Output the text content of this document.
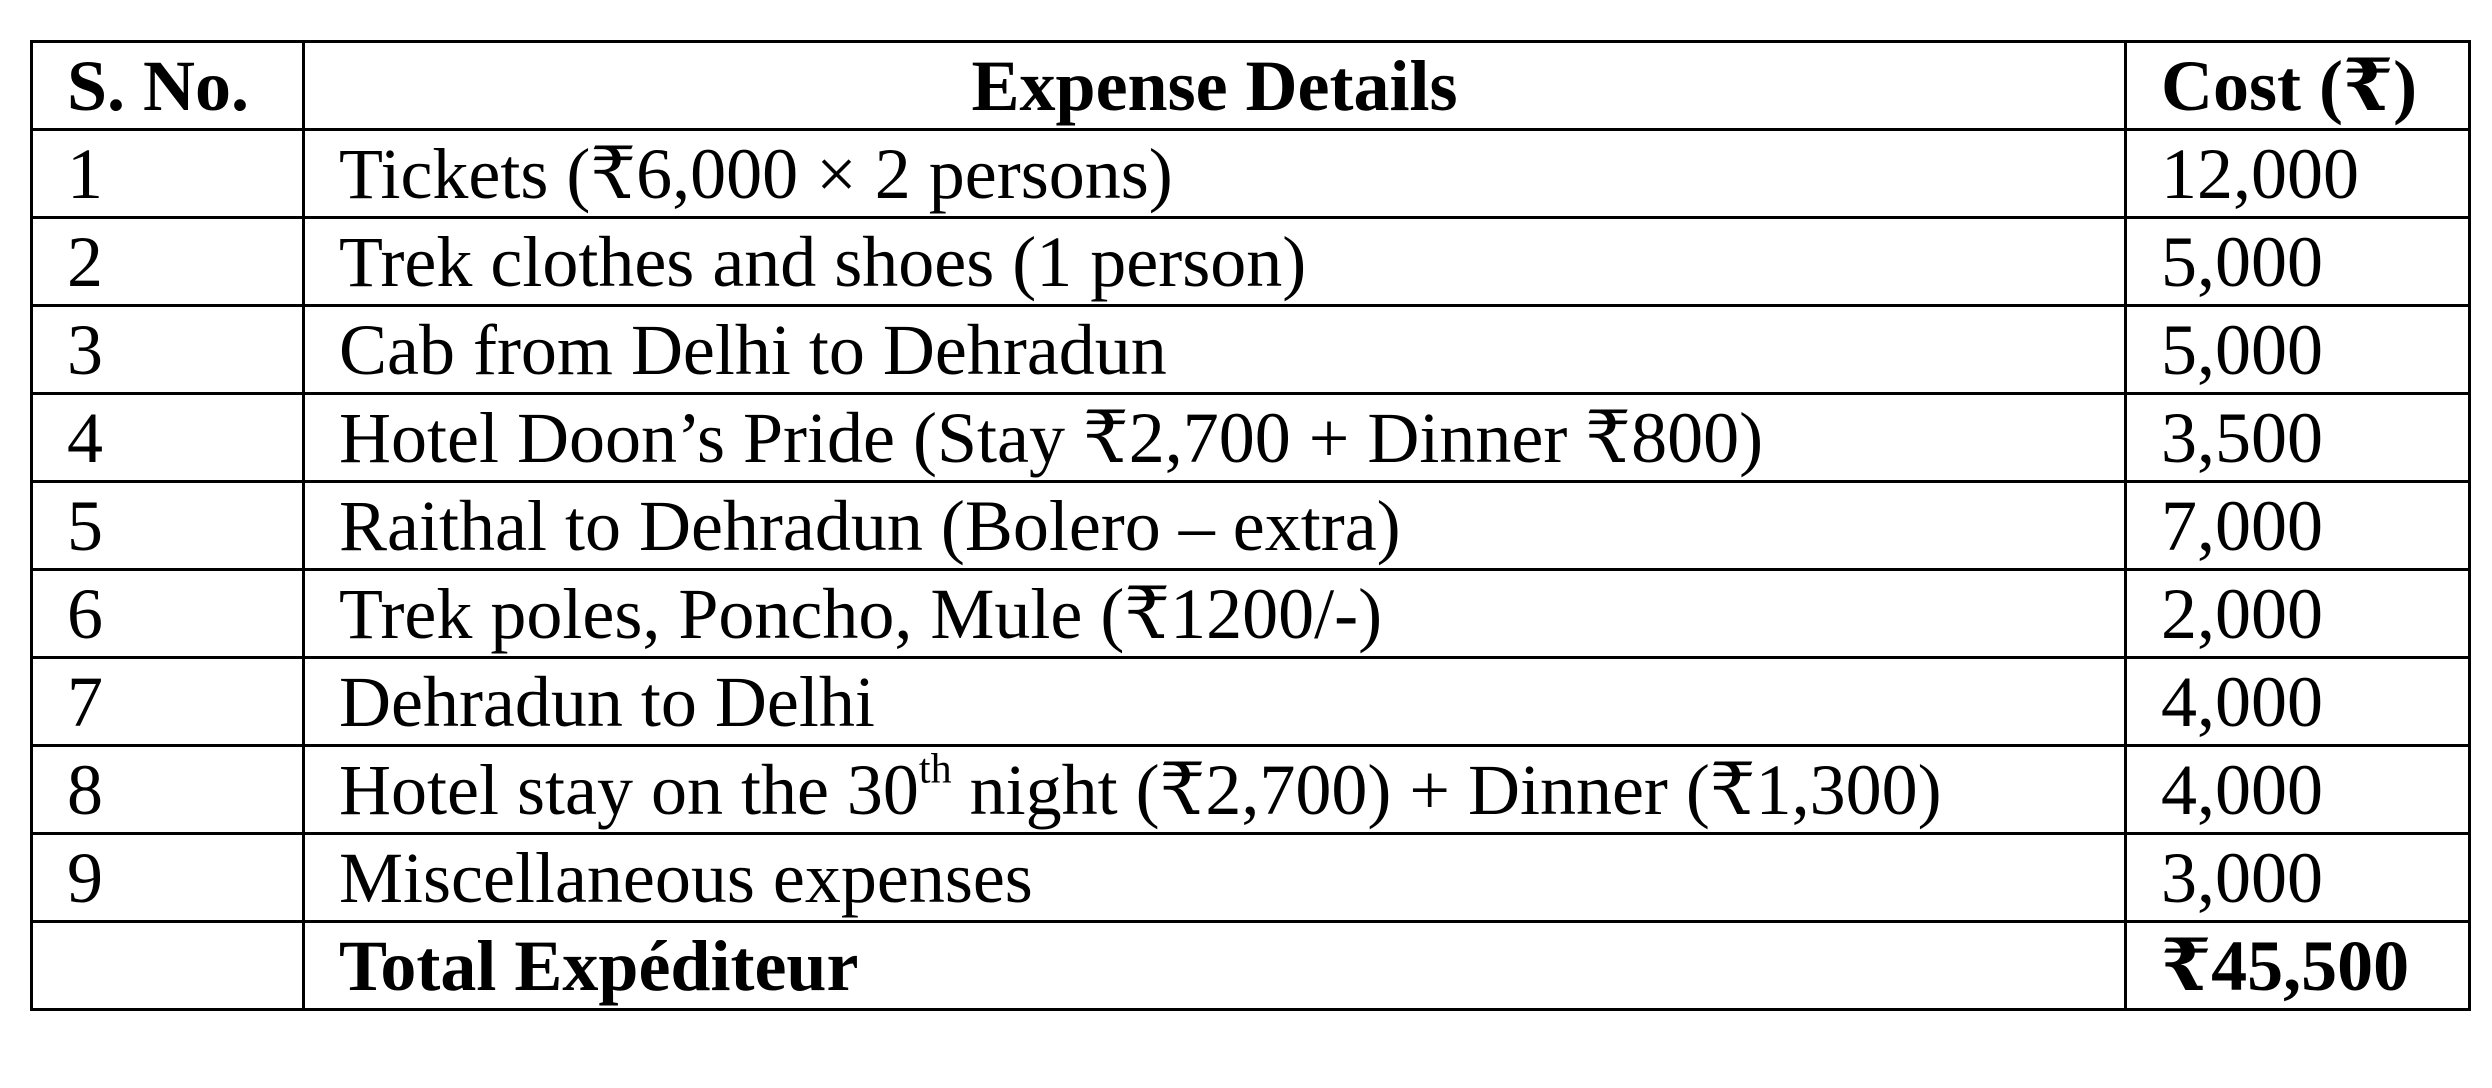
S. No.	Expense Details	Cost (₹)
1	Tickets (₹6,000 × 2 persons)	12,000
2	Trek clothes and shoes (1 person)	5,000
3	Cab from Delhi to Dehradun	5,000
4	Hotel Doon’s Pride (Stay ₹2,700 + Dinner ₹800)	3,500
5	Raithal to Dehradun (Bolero – extra)	7,000
6	Trek poles, Poncho, Mule (₹1200/-)	2,000
7	Dehradun to Delhi	4,000
8	Hotel stay on the 30th night (₹2,700) + Dinner (₹1,300)	4,000
9	Miscellaneous expenses	3,000
	Total Expéditeur	₹45,500
